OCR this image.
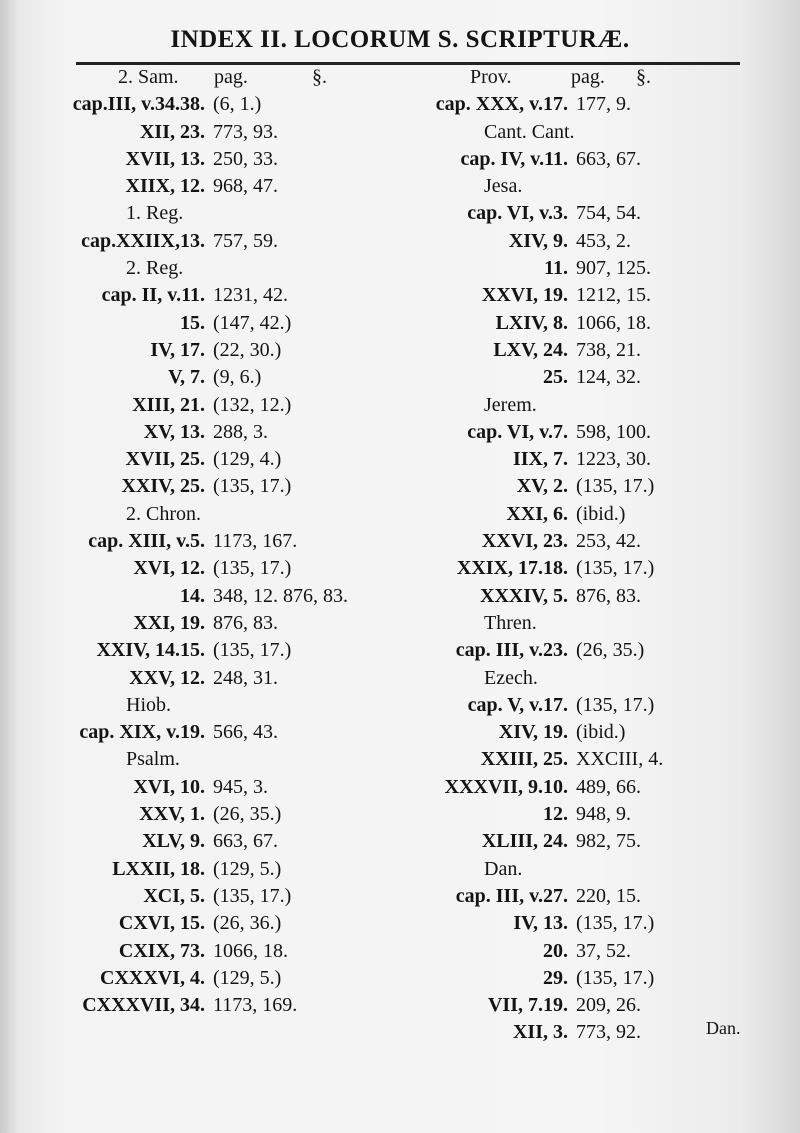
INDEX II. LOCORUM S. SCRIPTURÆ.
2. Sam. pag.	§.
cap.III, v.34.38. (6, 1.)
XII, 23. 773, 93.
XVII, 13. 250, 33.
XIIX, 12. 968, 47.
1. Reg.
cap.XXIIX,13. 757, 59.
2. Reg.
cap. II, v.11. 1231, 42.
15. (147, 42.)
IV, 17. (22, 30.)
V, 7. (9, 6.)
XIII, 21. (132, 12.)
XV, 13. 288, 3.
XVII, 25. (129, 4.)
XXIV, 25. (135, 17.)
2. Chron.
cap. XIII, v.5. 1173, 167.
XVI, 12. (135, 17.)
14. 348, 12. 876, 83.
XXI, 19. 876, 83.
XXIV, 14.15. (135, 17.)
XXV, 12. 248, 31.
Hiob.
cap. XIX, v.19. 566, 43.
Psalm.
XVI, 10. 945, 3.
XXV, 1. (26, 35.)
XLV, 9. 663, 67.
LXXII, 18. (129, 5.)
XCI, 5. (135, 17.)
CXVI, 15. (26, 36.)
CXIX, 73. 1066, 18.
CXXXVI, 4. (129, 5.)
CXXXVII, 34. 1173, 169.
Prov.	pag. §.
cap. XXX, v.17. 177, 9.
Cant. Cant.
cap. IV, v.11. 663, 67.
Jesa.
cap. VI, v.3. 754, 54.
XIV, 9. 453, 2.
11. 907, 125.
XXVI, 19. 1212, 15.
LXIV, 8. 1066, 18.
LXV, 24. 738, 21.
25. 124, 32.
Jerem.
cap. VI, v.7. 598, 100.
IIX, 7. 1223, 30.
XV, 2. (135, 17.)
XXI, 6. (ibid.)
XXVI, 23. 253, 42.
XXIX, 17.18. (135, 17.)
XXXIV, 5. 876, 83.
Thren.
cap. III, v.23. (26, 35.)
Ezech.
cap. V, v.17. (135, 17.)
XIV, 19. (ibid.)
XXIII, 25. XXCIII, 4.
XXXVII, 9.10. 489, 66.
12. 948, 9.
XLIII, 24. 982, 75.
Dan.
cap. III, v.27. 220, 15.
IV, 13. (135, 17.)
20. 37, 52.
29. (135, 17.)
VII, 7.19. 209, 26.
XII, 3. 773, 92.	Dan.
